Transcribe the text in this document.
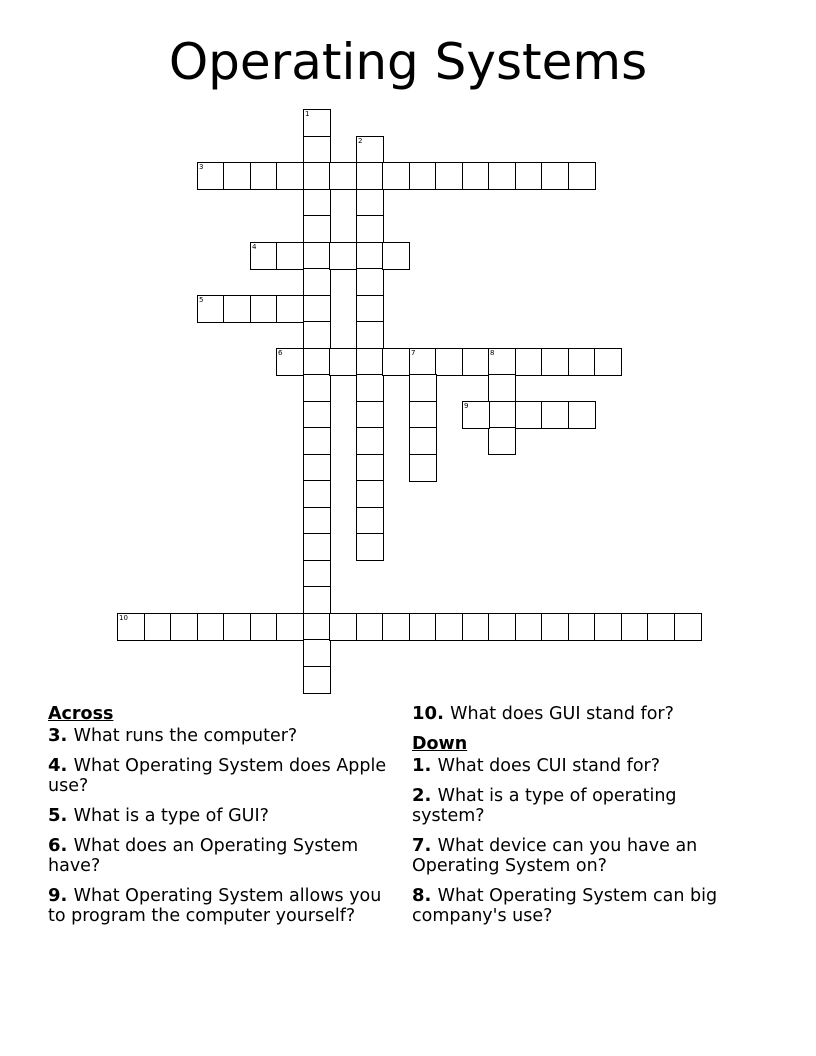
Operating Systems
1
2
3
4
5
6	7	8
9
10
Across
3. What runs the computer?
4. What Operating System does Apple use?
5. What is a type of GUI?
6. What does an Operating System have?
9. What Operating System allows you to program the computer yourself?
10. What does GUI stand for?
Down
1. What does CUI stand for?
2. What is a type of operating system?
7. What device can you have an Operating System on?
8. What Operating System can big company's use?
